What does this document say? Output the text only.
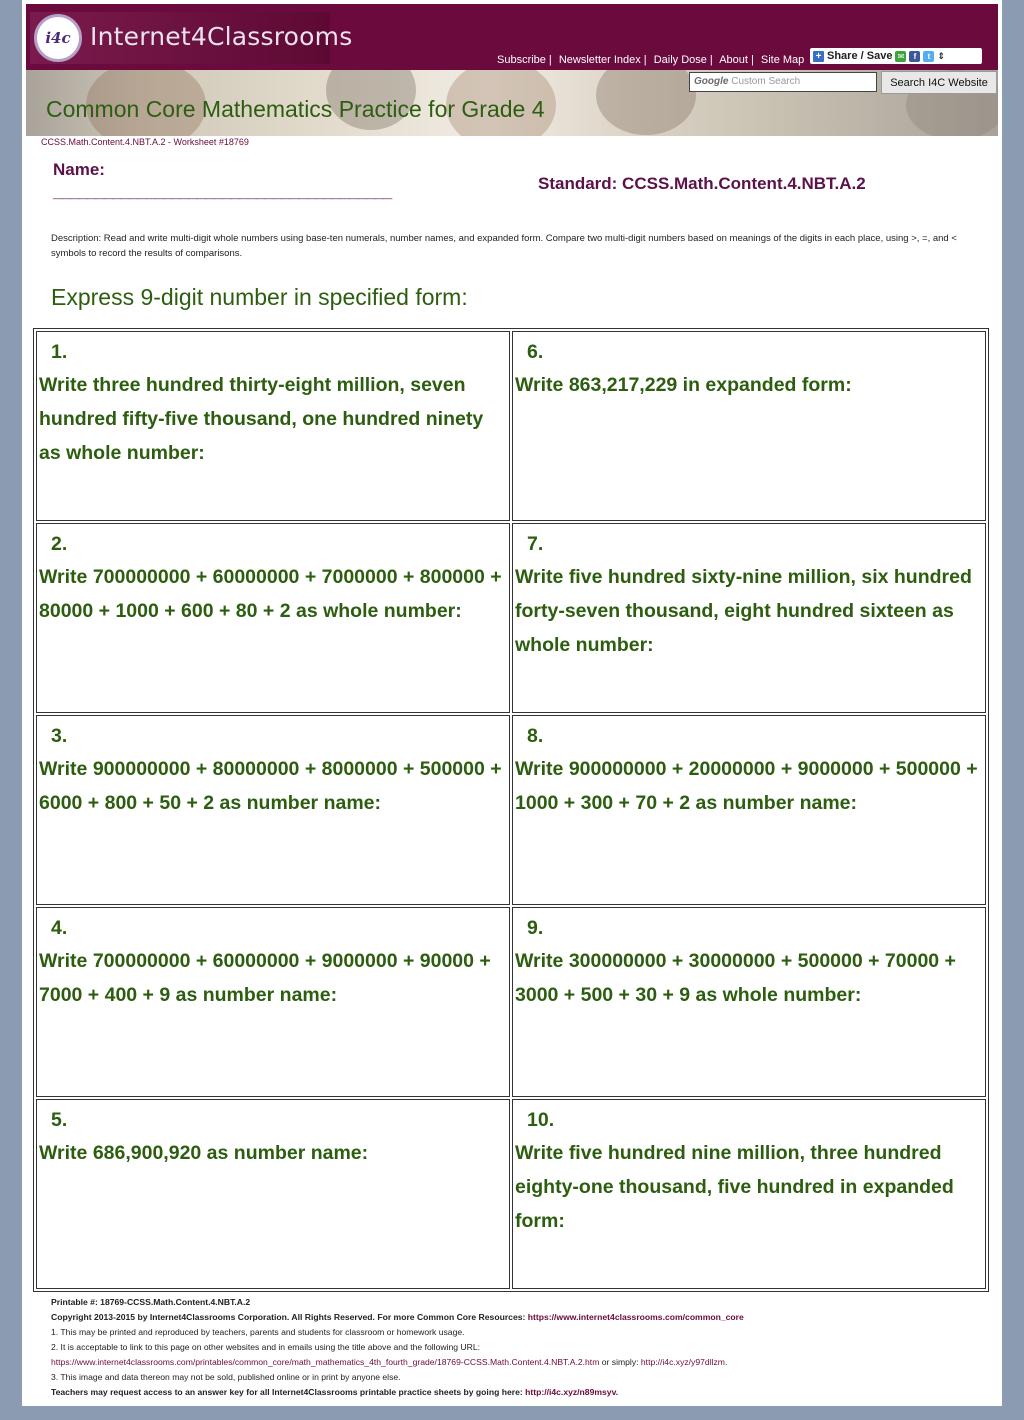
i4c Internet4Classrooms
Subscribe | Newsletter Index | Daily Dose | About | Site Map + Share / Save ✉	f	t ⇕
Common Core Mathematics Practice for Grade 4
Google Custom Search	Search I4C Website
CCSS.Math.Content.4.NBT.A.2 - Worksheet #18769
Name:
________________________________________	Standard: CCSS.Math.Content.4.NBT.A.2
Description: Read and write multi-digit whole numbers using base-ten numerals, number names, and expanded form. Compare two multi-digit numbers based on meanings of the digits in each place, using >, =, and < symbols to record the results of comparisons.
Express 9-digit number in specified form:
1.
Write three hundred thirty-eight million, seven hundred fifty-five thousand, one hundred ninety as whole number:
6.
Write 863,217,229 in expanded form:
2.
Write 700000000 + 60000000 + 7000000 + 800000 + 80000 + 1000 + 600 + 80 + 2 as whole number:
7.
Write five hundred sixty-nine million, six hundred forty-seven thousand, eight hundred sixteen as whole number:
3.
Write 900000000 + 80000000 + 8000000 + 500000 + 6000 + 800 + 50 + 2 as number name:
8.
Write 900000000 + 20000000 + 9000000 + 500000 + 1000 + 300 + 70 + 2 as number name:
4.
Write 700000000 + 60000000 + 9000000 + 90000 + 7000 + 400 + 9 as number name:
9.
Write 300000000 + 30000000 + 500000 + 70000 + 3000 + 500 + 30 + 9 as whole number:
5.
Write 686,900,920 as number name:
10.
Write five hundred nine million, three hundred eighty-one thousand, five hundred in expanded form:
Printable #: 18769-CCSS.Math.Content.4.NBT.A.2
Copyright 2013-2015 by Internet4Classrooms Corporation. All Rights Reserved. For more Common Core Resources: https://www.internet4classrooms.com/common_core
1. This may be printed and reproduced by teachers, parents and students for classroom or homework usage.
2. It is acceptable to link to this page on other websites and in emails using the title above and the following URL:
https://www.internet4classrooms.com/printables/common_core/math_mathematics_4th_fourth_grade/18769-CCSS.Math.Content.4.NBT.A.2.htm or simply: http://i4c.xyz/y97dllzm.
3. This image and data thereon may not be sold, published online or in print by anyone else.
Teachers may request access to an answer key for all Internet4Classrooms printable practice sheets by going here: http://i4c.xyz/n89msyv.
